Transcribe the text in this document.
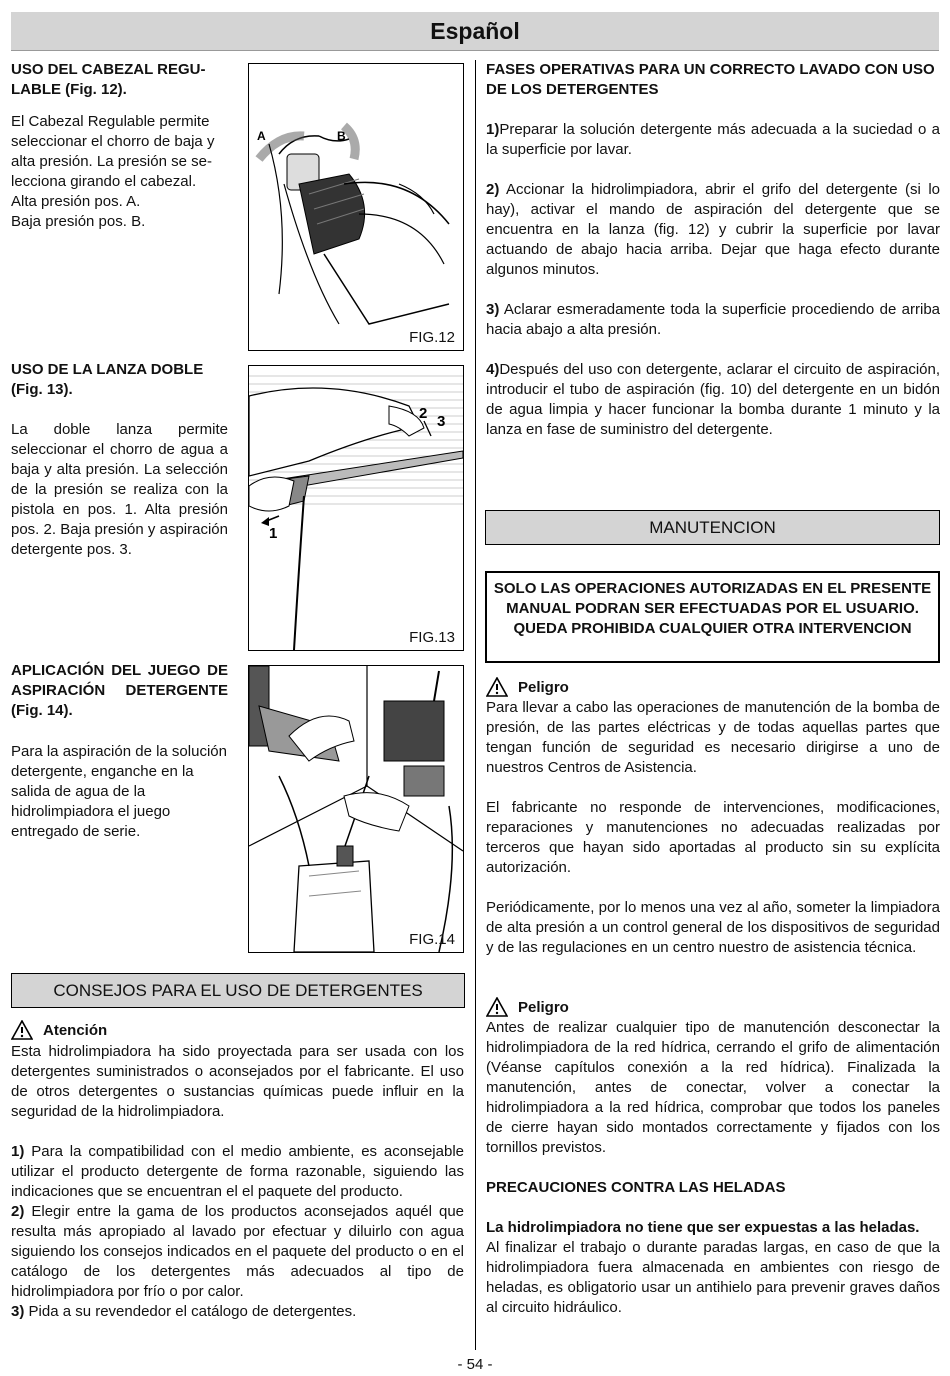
Español
USO DEL CABEZAL REGU-LABLE (Fig. 12).
El Cabezal Regulable permite
seleccionar el chorro de baja y
alta presión. La presión se se-
lecciona girando el cabezal.
Alta presión pos. A.
Baja presión pos. B.
USO DE LA LANZA DOBLE (Fig. 13).
La doble lanza permite seleccionar el chorro de agua a baja y alta presión. La selección de la presión se realiza con la pistola en pos. 1. Alta presión pos. 2. Baja presión y aspiración detergente pos. 3.
APLICACIÓN DEL JUEGO DE ASPIRACIÓN DETERGENTE (Fig. 14).
Para la aspiración de la solución detergente, enganche en la salida de agua de la hidrolimpiadora el juego entregado de serie.
A	B
FIG.12
1
2 3
FIG.13
FIG.14
CONSEJOS PARA EL USO DE DETERGENTES
Atención

Esta hidrolimpiadora ha sido proyectada para ser usada con los detergentes suministrados o aconsejados por el fabricante. El uso de otros detergentes o sustancias químicas puede influir en la seguridad de la hidrolimpiadora.

1) Para la compatibilidad con el medio ambiente, es aconsejable utilizar el producto detergente de forma razonable, siguiendo las indicaciones que se encuentran el el paquete del producto.
2) Elegir entre la gama de los productos aconsejados aquél que resulta más apropiado al lavado por efectuar y diluirlo con agua siguiendo los consejos indicados en el paquete del producto o en el catálogo de los detergentes más adecuados al tipo de hidrolimpiadora por frío o por calor.
3) Pida a su revendedor el catálogo de detergentes.
FASES OPERATIVAS PARA UN CORRECTO LAVADO CON USO DE LOS DETERGENTES

1)Preparar la solución detergente más adecuada a la suciedad o a la superficie por lavar.

2) Accionar la hidrolimpiadora, abrir el grifo del detergente (si lo hay), activar el mando de aspiración del detergente que se encuentra en la lanza (fig. 12) y cubrir la superficie por lavar actuando de abajo hacia arriba. Dejar que haga efecto durante algunos minutos.

3) Aclarar esmeradamente toda la superficie procediendo de arriba hacia abajo a alta presión.

4)Después del uso con detergente, aclarar el circuito de aspiración, introducir el tubo de aspiración (fig. 10) del detergente en un bidón de agua limpia y hacer funcionar la bomba durante 1 minuto y la lanza en fase de suministro del detergente.

MANUTENCION
SOLO LAS OPERACIONES AUTORIZADAS EN EL PRESENTE MANUAL PODRAN SER EFECTUADAS POR EL USUARIO. QUEDA PROHIBIDA CUALQUIER OTRA INTERVENCION
Peligro

Para llevar a cabo las operaciones de manutención de la bomba de presión, de las partes eléctricas y de todas aquellas partes que tengan función de seguridad es necesario dirigirse a uno de nuestros Centros de Asistencia.

El fabricante no responde de intervenciones, modificaciones, reparaciones y manutenciones no adecuadas realizadas por terceros que hayan sido aportadas al producto sin su explícita autorización.

Periódicamente, por lo menos una vez al año, someter la limpiadora de alta presión a un control general de los dispositivos de seguridad y de las regulaciones en un centro nuestro de asistencia técnica.

Peligro

Antes de realizar cualquier tipo de manutención desconectar la hidrolimpiadora de la red hídrica, cerrando el grifo de alimentación (Véanse capítulos conexión a la red hídrica). Finalizada la manutención, antes de conectar, volver a conectar la hidrolimpiadora a la red hídrica, comprobar que todos los paneles de cierre hayan sido montados correctamente y fijados con los tornillos previstos.

PRECAUCIONES CONTRA LAS HELADAS

La hidrolimpiadora no tiene que ser expuestas a las heladas.
Al finalizar el trabajo o durante paradas largas, en caso de que la hidrolimpiadora fuera almacenada en ambientes con riesgo de heladas, es obligatorio usar un antihielo para prevenir graves daños al circuito hidráulico.
- 54 -
